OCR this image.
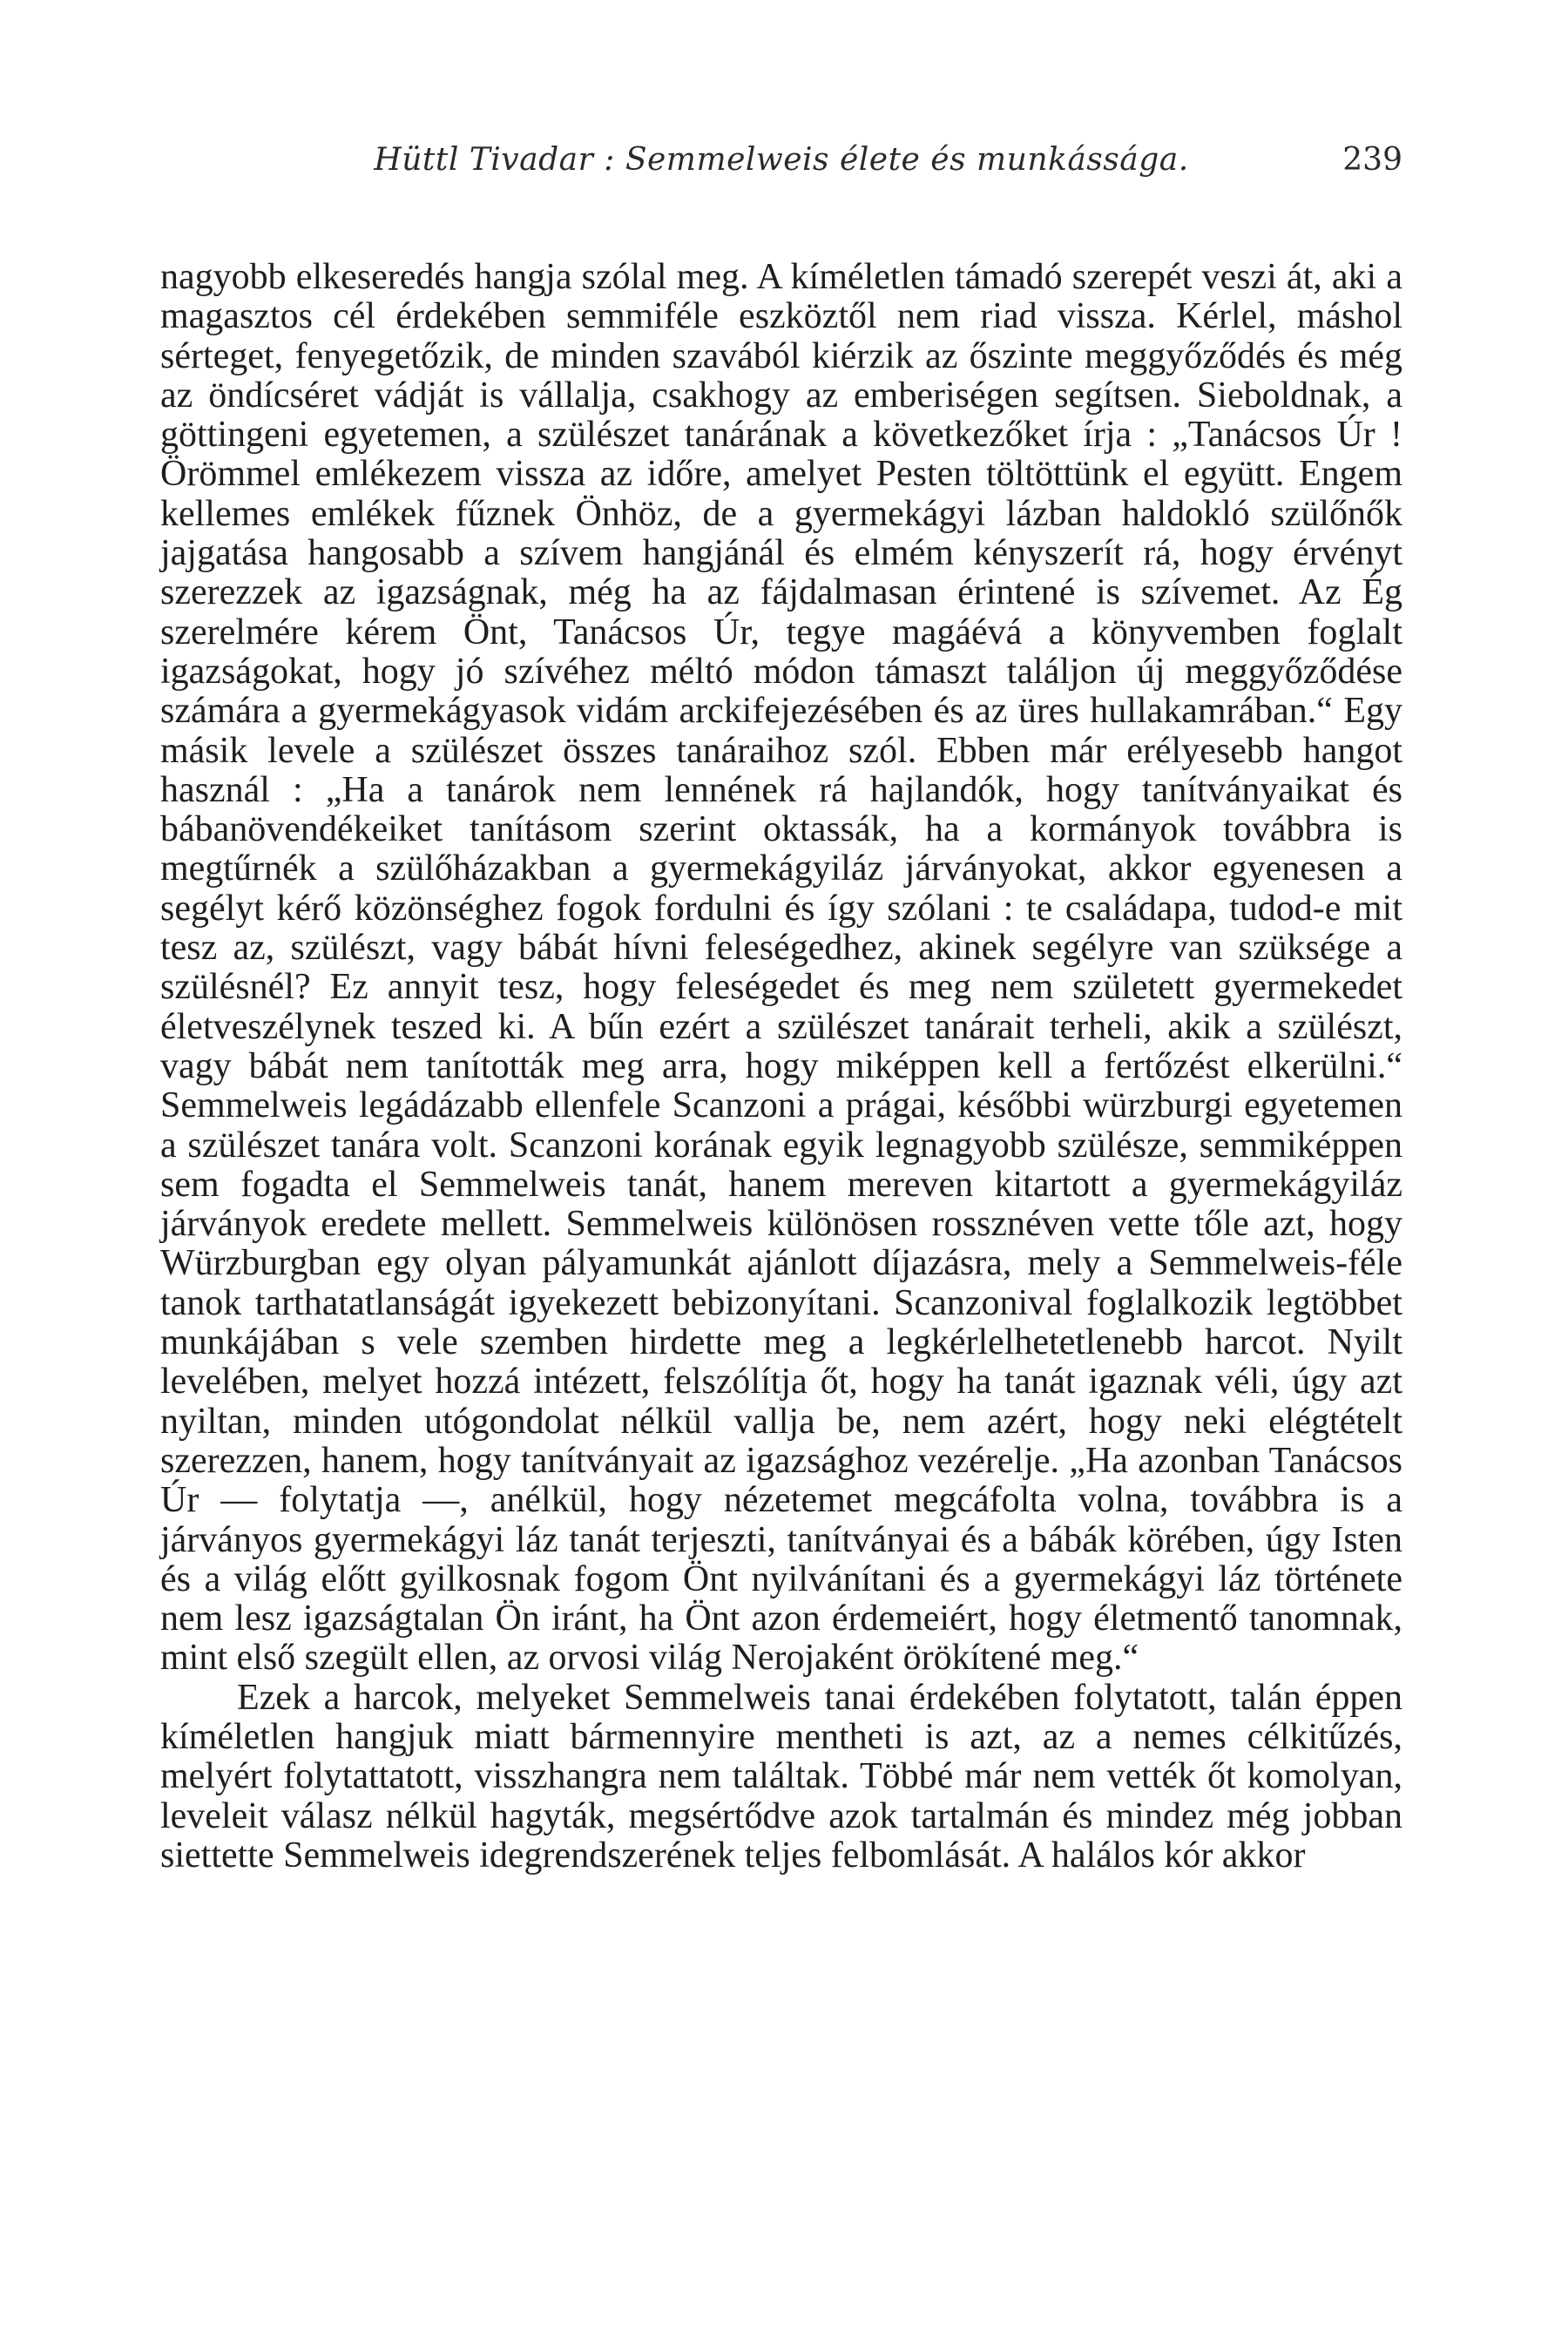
Hüttl Tivadar : Semmelweis élete és munkássága.	239

nagyobb elkeseredés hangja szólal meg. A kíméletlen támadó szerepét veszi át, aki a magasztos cél érdekében semmiféle eszköztől nem riad vissza. Kérlel, máshol sérteget, fenyegetőzik, de minden szavából kiérzik az őszinte meggyőződés és még az öndícséret vádját is vállalja, csakhogy az emberiségen segítsen. Sieboldnak, a göttingeni egyetemen, a szülészet tanárának a következőket írja : „Tanácsos Úr ! Örömmel emlékezem vissza az időre, amelyet Pesten töltöttünk el együtt. Engem kellemes emlékek fűznek Önhöz, de a gyermekágyi lázban haldokló szülőnők jajgatása hangosabb a szívem hangjánál és elmém kényszerít rá, hogy érvényt szerezzek az igazságnak, még ha az fájdalmasan érintené is szívemet. Az Ég szerelmére kérem Önt, Tanácsos Úr, tegye magáévá a könyvemben foglalt igazságokat, hogy jó szívéhez méltó módon támaszt találjon új meggyőződése számára a gyermekágyasok vidám arckifejezésében és az üres hullakamrában.“ Egy másik levele a szülészet összes tanáraihoz szól. Ebben már erélyesebb hangot használ : „Ha a tanárok nem lennének rá hajlandók, hogy tanítványaikat és bábanövendékeiket tanításom szerint oktassák, ha a kormányok továbbra is megtűrnék a szülőházakban a gyermekágyiláz járványokat, akkor egyenesen a segélyt kérő közönséghez fogok fordulni és így szólani : te családapa, tudod-e mit tesz az, szülészt, vagy bábát hívni feleségedhez, akinek segélyre van szüksége a szülésnél? Ez annyit tesz, hogy feleségedet és meg nem született gyermekedet életveszélynek teszed ki. A bűn ezért a szülészet tanárait terheli, akik a szülészt, vagy bábát nem tanították meg arra, hogy miképpen kell a fertőzést elkerülni.“ Semmelweis legádázabb ellenfele Scanzoni a prágai, későbbi würzburgi egyetemen a szülészet tanára volt. Scanzoni korának egyik legnagyobb szülésze, semmiképpen sem fogadta el Semmelweis tanát, hanem mereven kitartott a gyermekágyiláz járványok eredete mellett. Semmelweis különösen rossznéven vette tőle azt, hogy Würzburgban egy olyan pályamunkát ajánlott díjazásra, mely a Semmelweis-féle tanok tarthatatlanságát igyekezett bebizonyítani. Scanzonival foglalkozik legtöbbet munkájában s vele szemben hirdette meg a legkérlelhetetlenebb harcot. Nyilt levelében, melyet hozzá intézett, felszólítja őt, hogy ha tanát igaznak véli, úgy azt nyiltan, minden utógondolat nélkül vallja be, nem azért, hogy neki elégtételt szerezzen, hanem, hogy tanítványait az igazsághoz vezérelje. „Ha azonban Tanácsos Úr — folytatja —, anélkül, hogy nézetemet megcáfolta volna, továbbra is a járványos gyermekágyi láz tanát terjeszti, tanítványai és a bábák körében, úgy Isten és a világ előtt gyilkosnak fogom Önt nyilvánítani és a gyermekágyi láz története nem lesz igazságtalan Ön iránt, ha Önt azon érdemeiért, hogy életmentő tanomnak, mint első szegült ellen, az orvosi világ Nerojaként örökítené meg.“

Ezek a harcok, melyeket Semmelweis tanai érdekében folytatott, talán éppen kíméletlen hangjuk miatt bármennyire mentheti is azt, az a nemes célkitűzés, melyért folytattatott, visszhangra nem találtak. Többé már nem vették őt komolyan, leveleit válasz nélkül hagyták, megsértődve azok tartalmán és mindez még jobban siettette Semmelweis idegrendszerének teljes felbomlását. A halálos kór akkor
